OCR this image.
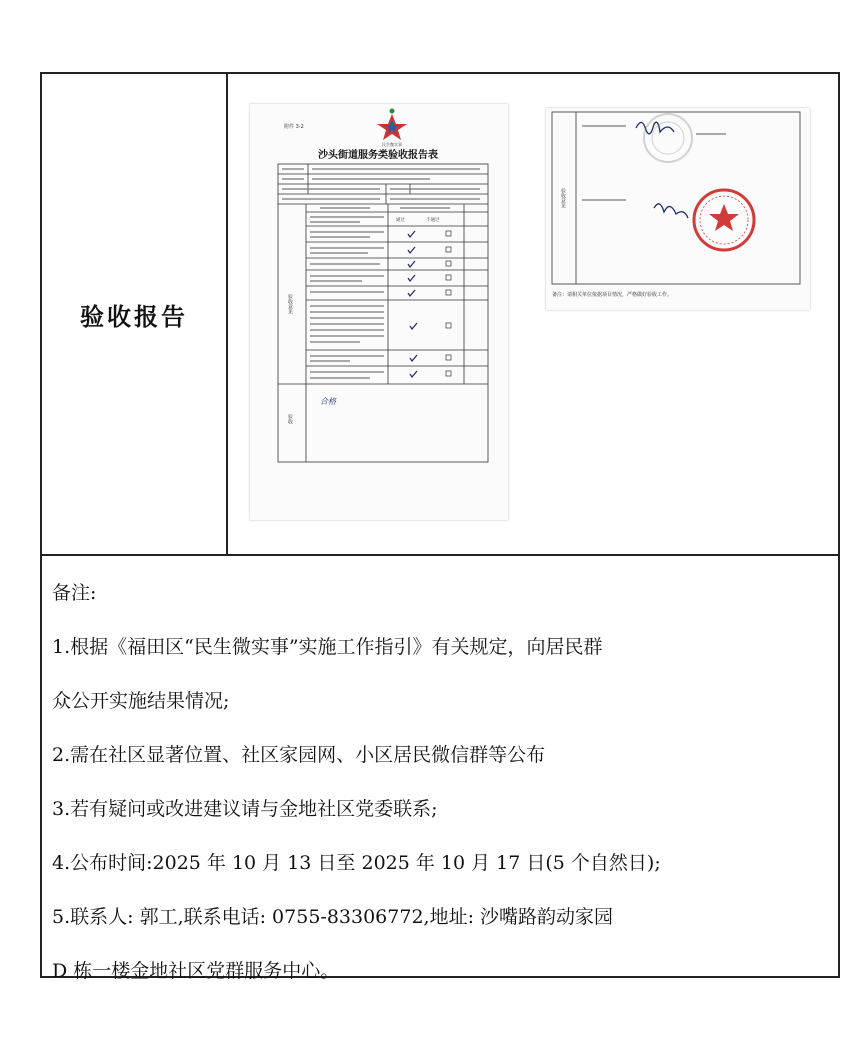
验收报告
附件 3-2
民生微实事
沙头街道服务类验收报告表
通过	不通过
验收意见
验收
合格
验收意见
备注：请相关单位依据项目情况，严格做好验收工作。

备注:

1.根据《福田区“民生微实事”实施工作指引》有关规定，向居民群

众公开实施结果情况;

2.需在社区显著位置、社区家园网、小区居民微信群等公布

3.若有疑问或改进建议请与金地社区党委联系;

4.公布时间:2025 年 10 月 13 日至 2025 年 10 月 17 日(5 个自然日);

5.联系人: 郭工,联系电话: 0755-83306772,地址: 沙嘴路韵动家园

D 栋一楼金地社区党群服务中心。
